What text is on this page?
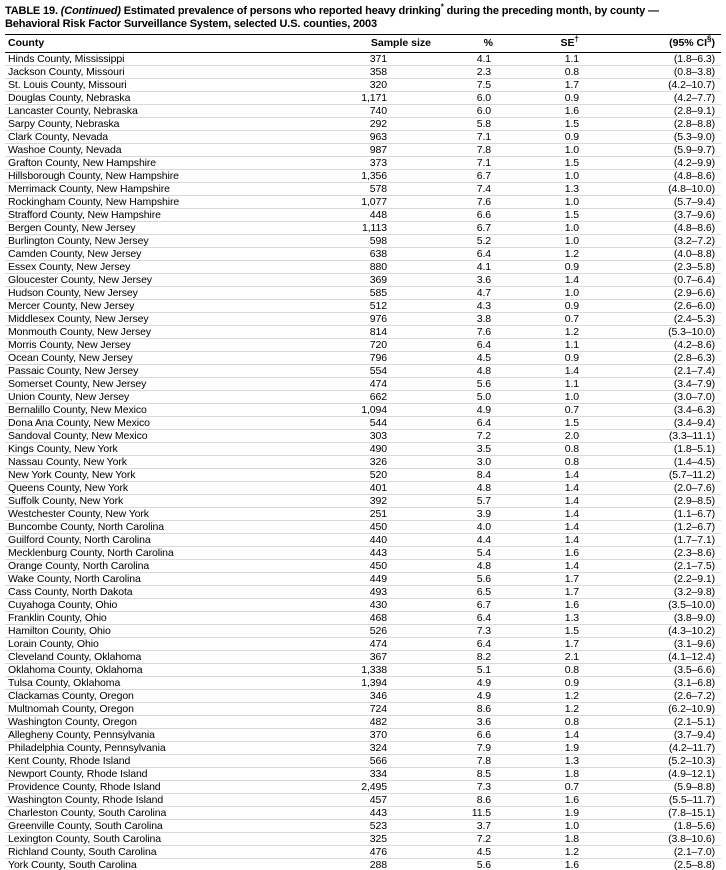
TABLE 19. (Continued) Estimated prevalence of persons who reported heavy drinking* during the preceding month, by county —
Behavioral Risk Factor Surveillance System, selected U.S. counties, 2003

County	Sample size	%	SE†	(95% CI§)
Hinds County, Mississippi	371	4.1	1.1	(1.8–6.3)
Jackson County, Missouri	358	2.3	0.8	(0.8–3.8)
St. Louis County, Missouri	320	7.5	1.7	(4.2–10.7)
Douglas County, Nebraska	1,171	6.0	0.9	(4.2–7.7)
Lancaster County, Nebraska	740	6.0	1.6	(2.8–9.1)
Sarpy County, Nebraska	292	5.8	1.5	(2.8–8.8)
Clark County, Nevada	963	7.1	0.9	(5.3–9.0)
Washoe County, Nevada	987	7.8	1.0	(5.9–9.7)
Grafton County, New Hampshire	373	7.1	1.5	(4.2–9.9)
Hillsborough County, New Hampshire	1,356	6.7	1.0	(4.8–8.6)
Merrimack County, New Hampshire	578	7.4	1.3	(4.8–10.0)
Rockingham County, New Hampshire	1,077	7.6	1.0	(5.7–9.4)
Strafford County, New Hampshire	448	6.6	1.5	(3.7–9.6)
Bergen County, New Jersey	1,113	6.7	1.0	(4.8–8.6)
Burlington County, New Jersey	598	5.2	1.0	(3.2–7.2)
Camden County, New Jersey	638	6.4	1.2	(4.0–8.8)
Essex County, New Jersey	880	4.1	0.9	(2.3–5.8)
Gloucester County, New Jersey	369	3.6	1.4	(0.7–6.4)
Hudson County, New Jersey	585	4.7	1.0	(2.9–6.6)
Mercer County, New Jersey	512	4.3	0.9	(2.6–6.0)
Middlesex County, New Jersey	976	3.8	0.7	(2.4–5.3)
Monmouth County, New Jersey	814	7.6	1.2	(5.3–10.0)
Morris County, New Jersey	720	6.4	1.1	(4.2–8.6)
Ocean County, New Jersey	796	4.5	0.9	(2.8–6.3)
Passaic County, New Jersey	554	4.8	1.4	(2.1–7.4)
Somerset County, New Jersey	474	5.6	1.1	(3.4–7.9)
Union County, New Jersey	662	5.0	1.0	(3.0–7.0)
Bernalillo County, New Mexico	1,094	4.9	0.7	(3.4–6.3)
Dona Ana County, New Mexico	544	6.4	1.5	(3.4–9.4)
Sandoval County, New Mexico	303	7.2	2.0	(3.3–11.1)
Kings County, New York	490	3.5	0.8	(1.8–5.1)
Nassau County, New York	326	3.0	0.8	(1.4–4.5)
New York County, New York	520	8.4	1.4	(5.7–11.2)
Queens County, New York	401	4.8	1.4	(2.0–7.6)
Suffolk County, New York	392	5.7	1.4	(2.9–8.5)
Westchester County, New York	251	3.9	1.4	(1.1–6.7)
Buncombe County, North Carolina	450	4.0	1.4	(1.2–6.7)
Guilford County, North Carolina	440	4.4	1.4	(1.7–7.1)
Mecklenburg County, North Carolina	443	5.4	1.6	(2.3–8.6)
Orange County, North Carolina	450	4.8	1.4	(2.1–7.5)
Wake County, North Carolina	449	5.6	1.7	(2.2–9.1)
Cass County, North Dakota	493	6.5	1.7	(3.2–9.8)
Cuyahoga County, Ohio	430	6.7	1.6	(3.5–10.0)
Franklin County, Ohio	468	6.4	1.3	(3.8–9.0)
Hamilton County, Ohio	526	7.3	1.5	(4.3–10.2)
Lorain County, Ohio	474	6.4	1.7	(3.1–9.6)
Cleveland County, Oklahoma	367	8.2	2.1	(4.1–12.4)
Oklahoma County, Oklahoma	1,338	5.1	0.8	(3.5–6.6)
Tulsa County, Oklahoma	1,394	4.9	0.9	(3.1–6.8)
Clackamas County, Oregon	346	4.9	1.2	(2.6–7.2)
Multnomah County, Oregon	724	8.6	1.2	(6.2–10.9)
Washington County, Oregon	482	3.6	0.8	(2.1–5.1)
Allegheny County, Pennsylvania	370	6.6	1.4	(3.7–9.4)
Philadelphia County, Pennsylvania	324	7.9	1.9	(4.2–11.7)
Kent County, Rhode Island	566	7.8	1.3	(5.2–10.3)
Newport County, Rhode Island	334	8.5	1.8	(4.9–12.1)
Providence County, Rhode Island	2,495	7.3	0.7	(5.9–8.8)
Washington County, Rhode Island	457	8.6	1.6	(5.5–11.7)
Charleston County, South Carolina	443	11.5	1.9	(7.8–15.1)
Greenville County, South Carolina	523	3.7	1.0	(1.8–5.6)
Lexington County, South Carolina	325	7.2	1.8	(3.8–10.6)
Richland County, South Carolina	476	4.5	1.2	(2.1–7.0)
York County, South Carolina	288	5.6	1.6	(2.5–8.8)
